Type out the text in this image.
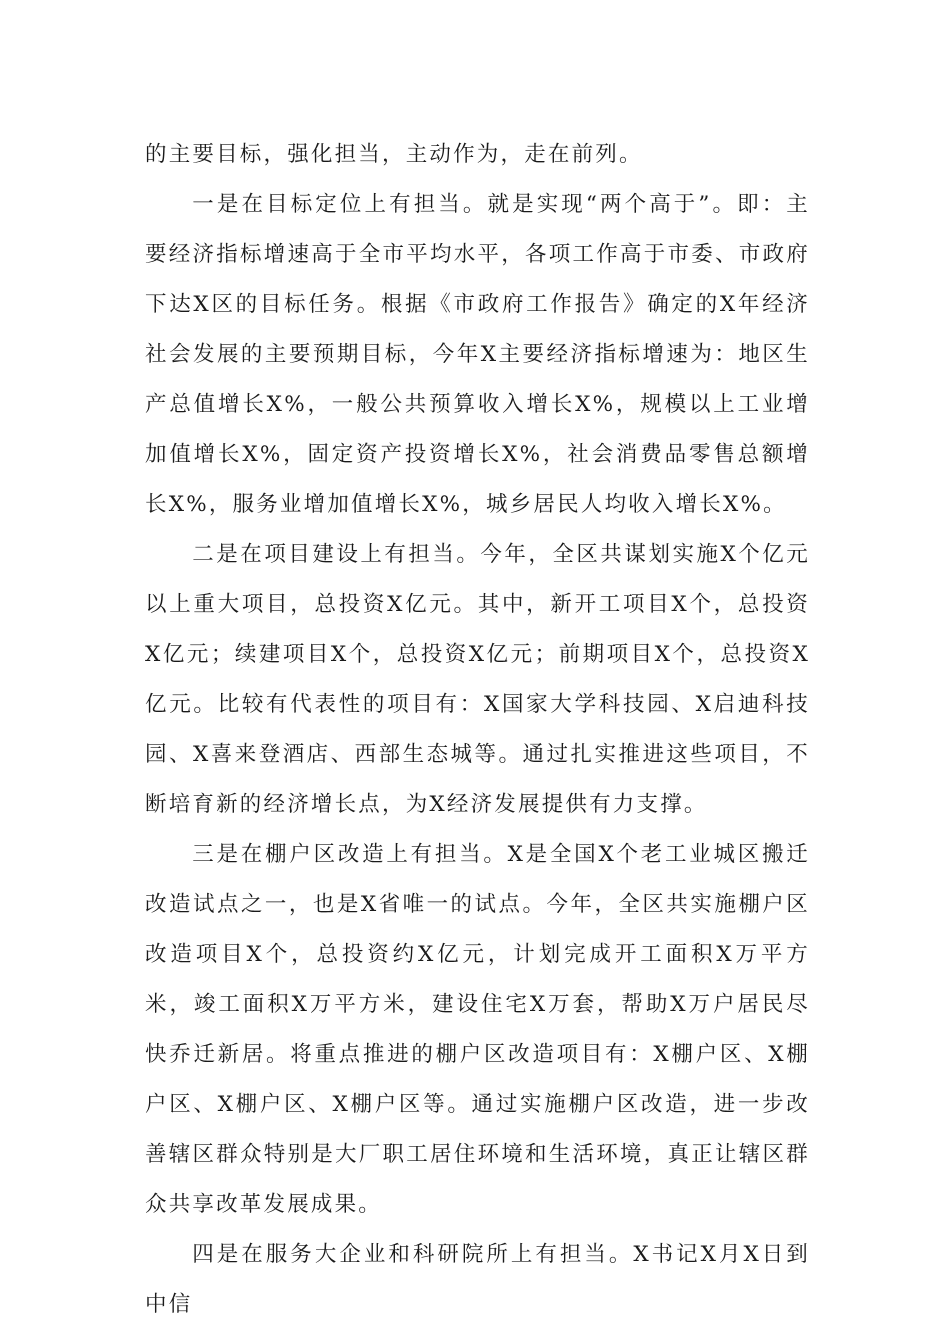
的主要目标，强化担当，主动作为，走在前列。

一是在目标定位上有担当。就是实现“两个高于”。即：主要经济指标增速高于全市平均水平，各项工作高于市委、市政府下达X区的目标任务。根据《市政府工作报告》确定的X年经济社会发展的主要预期目标，今年X主要经济指标增速为：地区生产总值增长X%，一般公共预算收入增长X%，规模以上工业增加值增长X%，固定资产投资增长X%，社会消费品零售总额增长X%，服务业增加值增长X%，城乡居民人均收入增长X%。

二是在项目建设上有担当。今年，全区共谋划实施X个亿元以上重大项目，总投资X亿元。其中，新开工项目X个，总投资X亿元；续建项目X个，总投资X亿元；前期项目X个，总投资X亿元。比较有代表性的项目有：X国家大学科技园、X启迪科技园、X喜来登酒店、西部生态城等。通过扎实推进这些项目，不断培育新的经济增长点，为X经济发展提供有力支撑。

三是在棚户区改造上有担当。X是全国X个老工业城区搬迁改造试点之一，也是X省唯一的试点。今年，全区共实施棚户区改造项目X个，总投资约X亿元，计划完成开工面积X万平方米，竣工面积X万平方米，建设住宅X万套，帮助X万户居民尽快乔迁新居。将重点推进的棚户区改造项目有：X棚户区、X棚户区、X棚户区、X棚户区等。通过实施棚户区改造，进一步改善辖区群众特别是大厂职工居住环境和生活环境，真正让辖区群众共享改革发展成果。

四是在服务大企业和科研院所上有担当。X书记X月X日到中信
